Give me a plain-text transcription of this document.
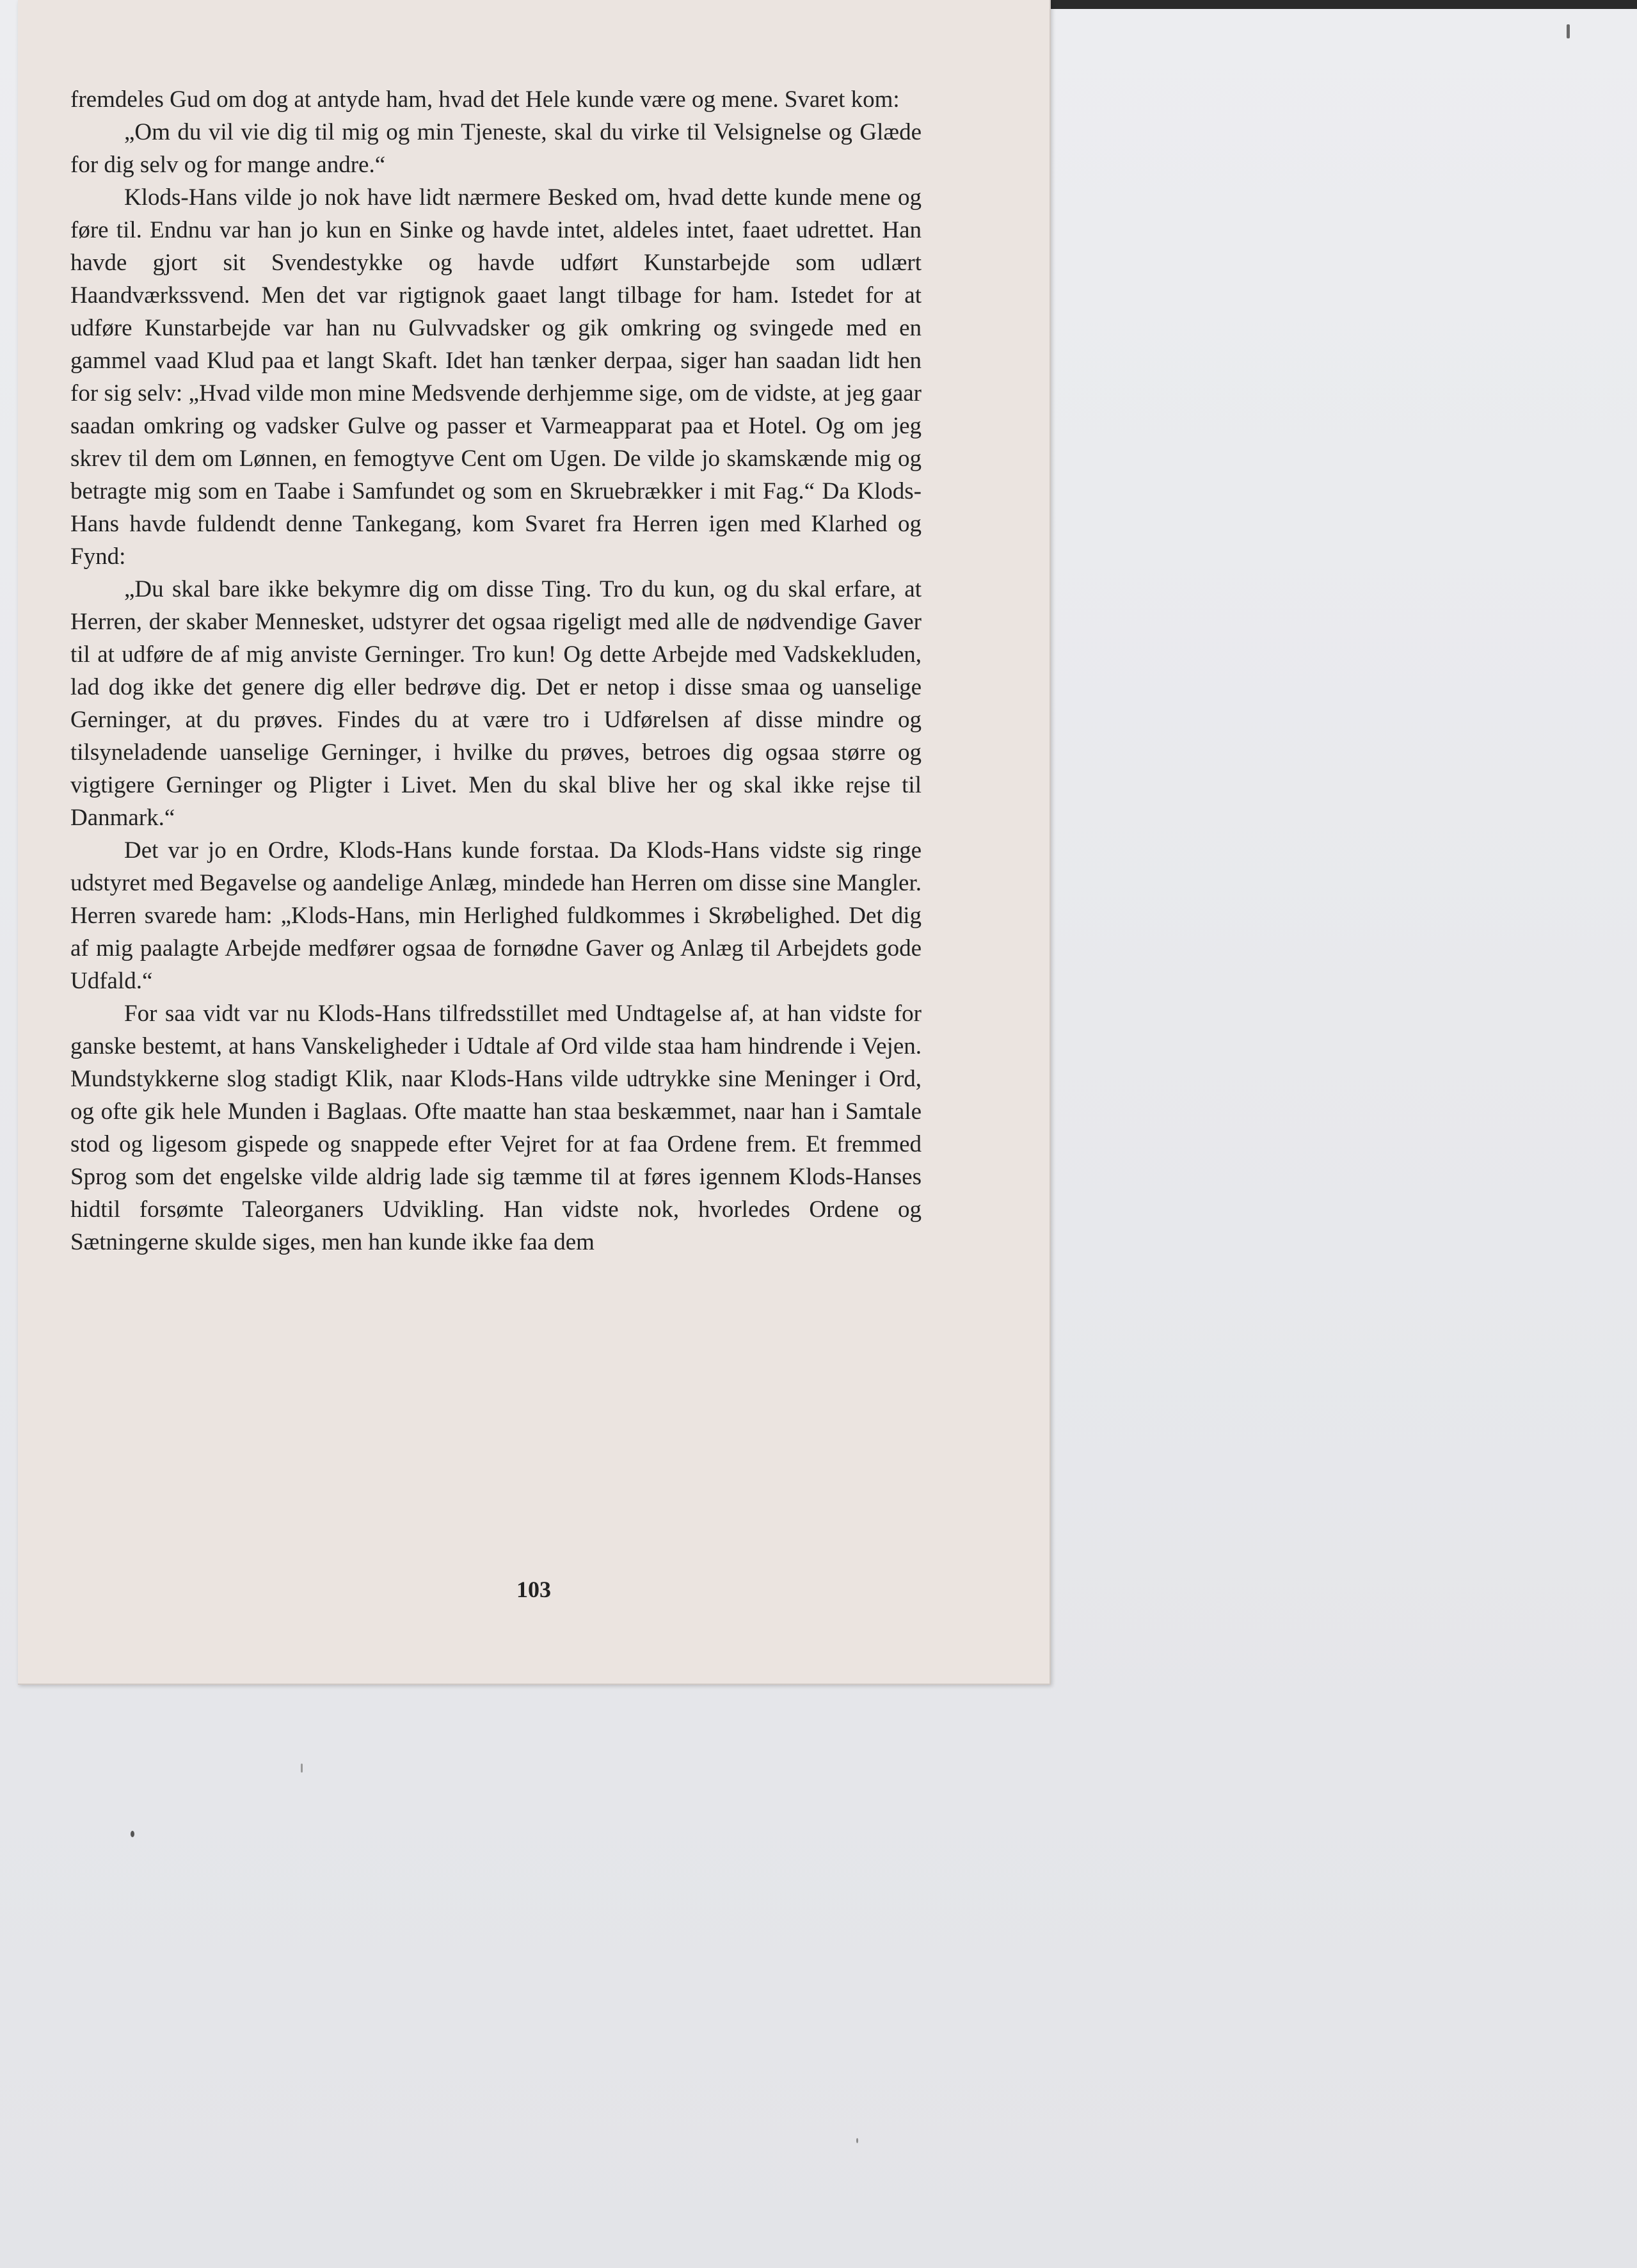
fremdeles Gud om dog at antyde ham, hvad det Hele kunde være og mene. Svaret kom:

„Om du vil vie dig til mig og min Tjeneste, skal du virke til Velsignelse og Glæde for dig selv og for mange andre.“

Klods-Hans vilde jo nok have lidt nærmere Besked om, hvad dette kunde mene og føre til. Endnu var han jo kun en Sinke og havde intet, aldeles intet, faaet udrettet. Han havde gjort sit Svendestykke og havde udført Kunstarbejde som udlært Haandværkssvend. Men det var rigtignok gaaet langt tilbage for ham. Istedet for at udføre Kunstarbejde var han nu Gulvvadsker og gik omkring og svingede med en gammel vaad Klud paa et langt Skaft. Idet han tænker derpaa, siger han saadan lidt hen for sig selv: „Hvad vilde mon mine Medsvende derhjemme sige, om de vidste, at jeg gaar saadan omkring og vadsker Gulve og passer et Varmeapparat paa et Hotel. Og om jeg skrev til dem om Lønnen, en femogtyve Cent om Ugen. De vilde jo skamskænde mig og betragte mig som en Taabe i Samfundet og som en Skruebrækker i mit Fag.“ Da Klods-Hans havde fuldendt denne Tankegang, kom Svaret fra Herren igen med Klarhed og Fynd:

„Du skal bare ikke bekymre dig om disse Ting. Tro du kun, og du skal erfare, at Herren, der skaber Mennesket, udstyrer det ogsaa rigeligt med alle de nødvendige Gaver til at udføre de af mig anviste Gerninger. Tro kun! Og dette Arbejde med Vadskekluden, lad dog ikke det genere dig eller bedrøve dig. Det er netop i disse smaa og uanselige Gerninger, at du prøves. Findes du at være tro i Udførelsen af disse mindre og tilsyneladende uanselige Gerninger, i hvilke du prøves, betroes dig ogsaa større og vigtigere Gerninger og Pligter i Livet. Men du skal blive her og skal ikke rejse til Danmark.“

Det var jo en Ordre, Klods-Hans kunde forstaa. Da Klods-Hans vidste sig ringe udstyret med Begavelse og aandelige Anlæg, mindede han Herren om disse sine Mangler. Herren svarede ham: „Klods-Hans, min Herlighed fuldkommes i Skrøbelighed. Det dig af mig paalagte Arbejde medfører ogsaa de fornødne Gaver og Anlæg til Arbejdets gode Udfald.“

For saa vidt var nu Klods-Hans tilfredsstillet med Undtagelse af, at han vidste for ganske bestemt, at hans Vanskeligheder i Udtale af Ord vilde staa ham hindrende i Vejen. Mundstykkerne slog stadigt Klik, naar Klods-Hans vilde udtrykke sine Meninger i Ord, og ofte gik hele Munden i Baglaas. Ofte maatte han staa beskæmmet, naar han i Samtale stod og ligesom gispede og snappede efter Vejret for at faa Ordene frem. Et fremmed Sprog som det engelske vilde aldrig lade sig tæmme til at føres igennem Klods-Hanses hidtil forsømte Taleorganers Udvikling. Han vidste nok, hvorledes Ordene og Sætningerne skulde siges, men han kunde ikke faa dem

103
